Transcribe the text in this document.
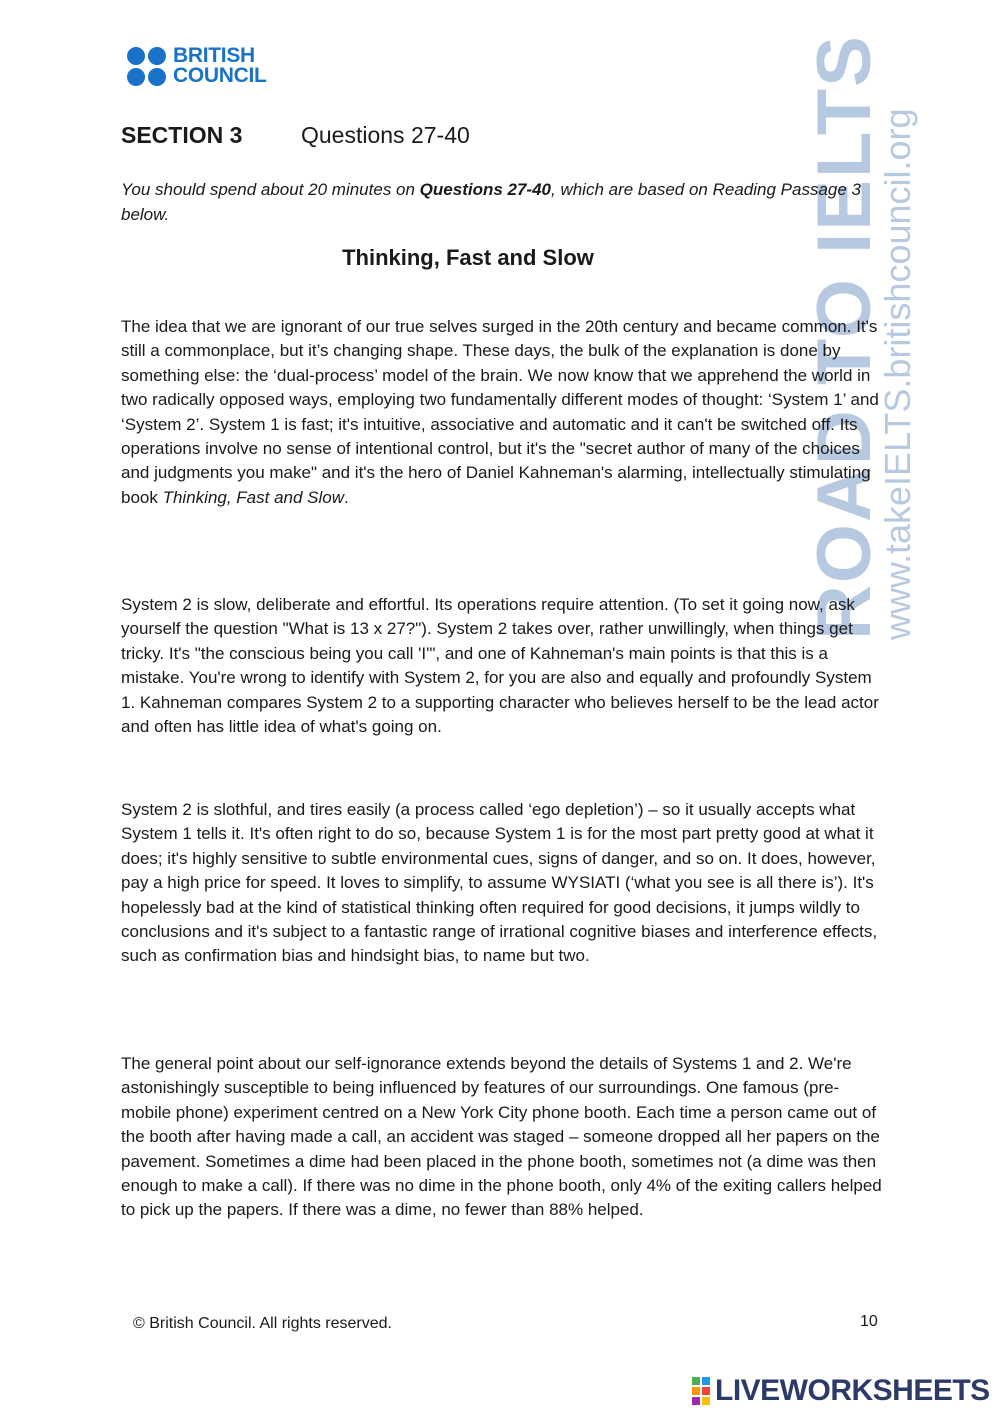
BRITISH
COUNCIL	ROAD TO IELTS
www.takeIELTS.britishcouncil.org
SECTION 3	Questions 27-40
You should spend about 20 minutes on Questions 27-40, which are based on Reading Passage 3 below.
Thinking, Fast and Slow

The idea that we are ignorant of our true selves surged in the 20th century and became common. It's still a commonplace, but it’s changing shape. These days, the bulk of the explanation is done by something else: the ‘dual-process’ model of the brain. We now know that we apprehend the world in two radically opposed ways, employing two fundamentally different modes of thought: ‘System 1’ and ‘System 2’. System 1 is fast; it's intuitive, associative and automatic and it can't be switched off. Its operations involve no sense of intentional control, but it's the "secret author of many of the choices and judgments you make" and it's the hero of Daniel Kahneman's alarming, intellectually stimulating book Thinking, Fast and Slow.

System 2 is slow, deliberate and effortful. Its operations require attention. (To set it going now, ask yourself the question "What is 13 x 27?"). System 2 takes over, rather unwillingly, when things get tricky. It's "the conscious being you call 'I'", and one of Kahneman's main points is that this is a mistake. You're wrong to identify with System 2, for you are also and equally and profoundly System 1. Kahneman compares System 2 to a supporting character who believes herself to be the lead actor and often has little idea of what's going on.

System 2 is slothful, and tires easily (a process called ‘ego depletion’) – so it usually accepts what System 1 tells it. It's often right to do so, because System 1 is for the most part pretty good at what it does; it's highly sensitive to subtle environmental cues, signs of danger, and so on. It does, however, pay a high price for speed. It loves to simplify, to assume WYSIATI (‘what you see is all there is’). It's hopelessly bad at the kind of statistical thinking often required for good decisions, it jumps wildly to conclusions and it's subject to a fantastic range of irrational cognitive biases and interference effects, such as confirmation bias and hindsight bias, to name but two.

The general point about our self-ignorance extends beyond the details of Systems 1 and 2. We're astonishingly susceptible to being influenced by features of our surroundings. One famous (pre-mobile phone) experiment centred on a New York City phone booth. Each time a person came out of the booth after having made a call, an accident was staged – someone dropped all her papers on the pavement. Sometimes a dime had been placed in the phone booth, sometimes not (a dime was then enough to make a call). If there was no dime in the phone booth, only 4% of the exiting callers helped to pick up the papers. If there was a dime, no fewer than 88% helped.

© British Council. All rights reserved.	10
LIVEWORKSHEETS
